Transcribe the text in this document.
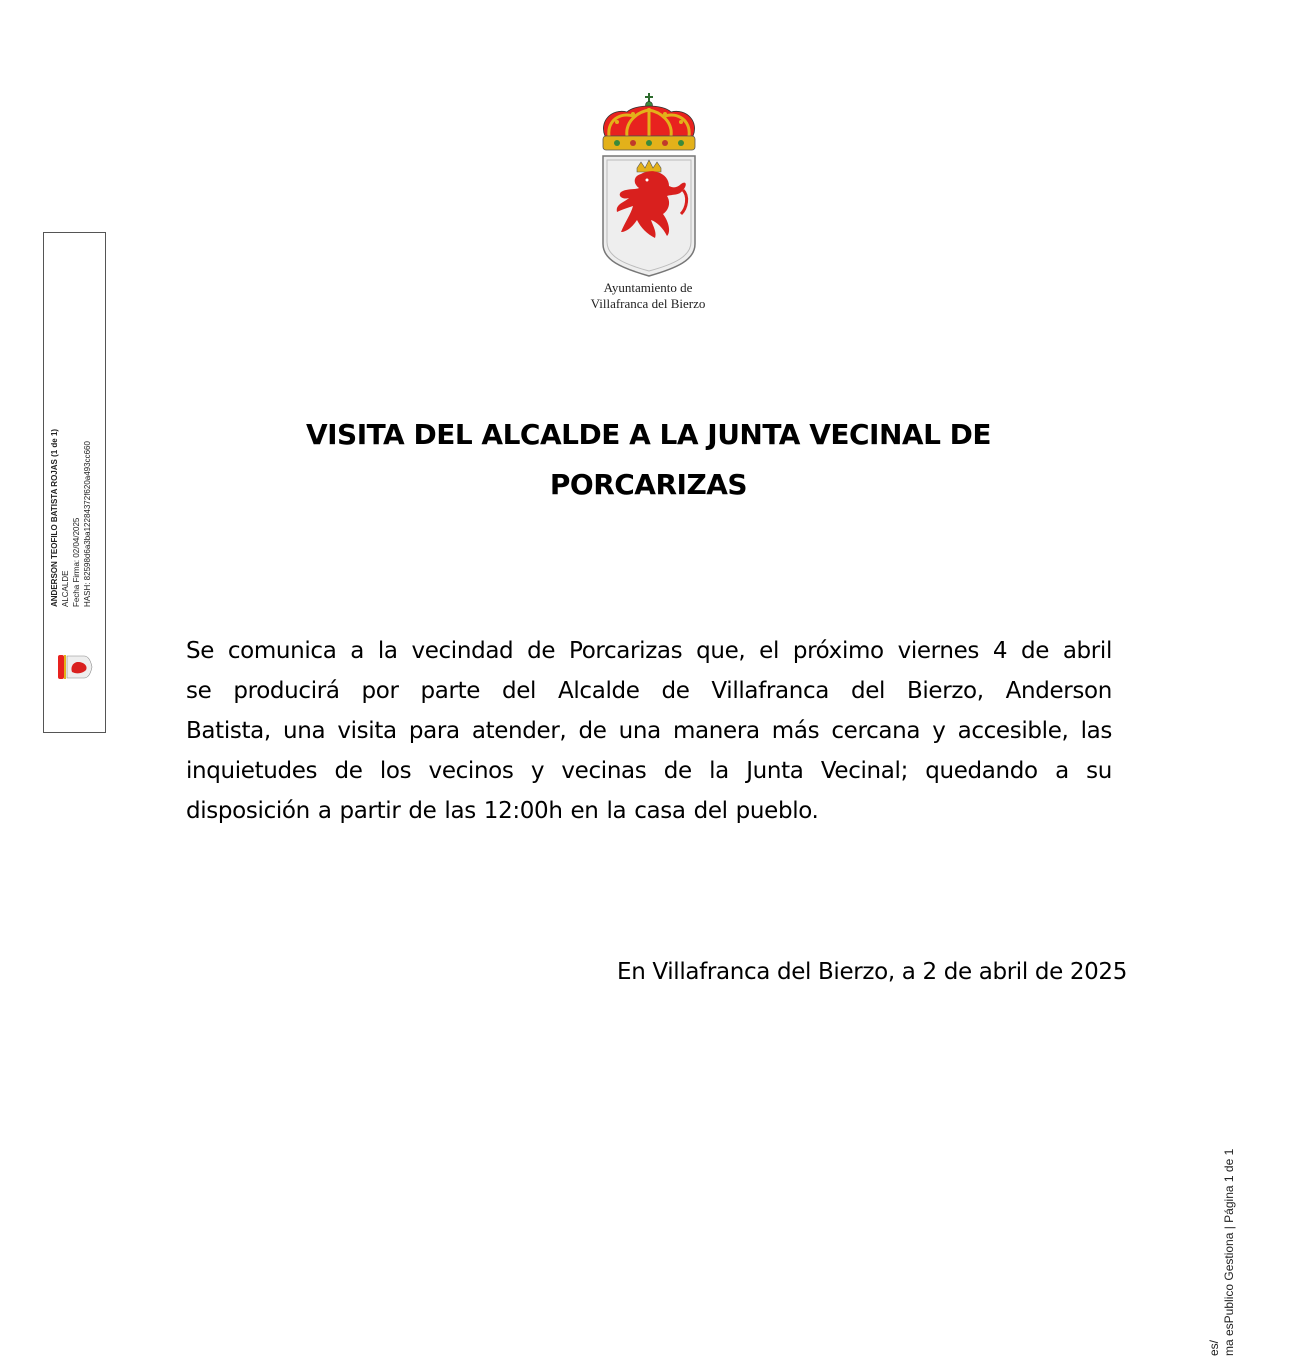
Ayuntamiento de
Villafranca del Bierzo
VISITA DEL ALCALDE A LA JUNTA VECINAL DE
PORCARIZAS
Se comunica a la vecindad de Porcarizas que, el próximo viernes 4 de abril
se producirá por parte del Alcalde de Villafranca del Bierzo, Anderson
Batista, una visita para atender, de una manera más cercana y accesible, las
inquietudes de los vecinos y vecinas de la Junta Vecinal; quedando a su
disposición a partir de las 12:00h en la casa del pueblo.
En Villafranca del Bierzo, a 2 de abril de 2025
ANDERSON TEOFILO BATISTA ROJAS (1 de 1) ALCALDE Fecha Firma: 02/04/2025 HASH: 82598d6a3ba12284372f620a493cc660
es/ ma esPublico Gestiona | Página 1 de 1
